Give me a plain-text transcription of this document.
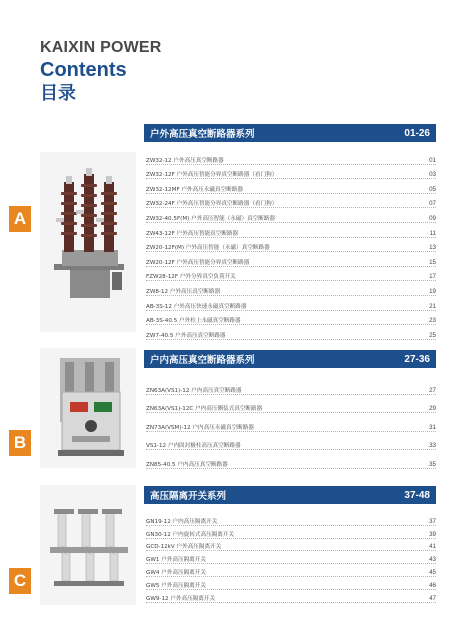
KAIXIN POWER
Contents
目录
A
户外高压真空断路器系列	01-26
ZW32-12 户外高压真空断路器	01
ZW32-12F 户外高压智能分界真空断路器（看门狗）	03
ZW32-12MF 户外高压永磁真空断路器	05
ZW32-24F 户外高压智能分界真空断路器（看门狗）	07
ZW32-40.5F(M) 户外高压智能（永磁）真空断路器	09
ZW43-12F 户外高压智能真空断路器	11
ZW20-12F(M) 户外高压智能（永磁）真空断路器	13
ZW20-12F 户外高压智能分界真空断路器	15
FZW28-12F 户外分界真空负荷开关	17
ZW8-12 户外高压真空断路器	19
AB-3S-12 户外高压快速永磁真空断路器	21
AB-3S-40.5 户外柱上永磁真空断路器	23
ZW7-40.5 户外高压真空断路器	25
B
户内高压真空断路器系列	27-36
ZN63A(VS1)-12 户内高压真空断路器	27
ZN63A(VS1)-12C 户内高压侧装式真空断路器	29
ZN73A(VSM)-12 户内高压永磁真空断路器	31
VS1-12 户内固封极柱高压真空断路器	33
ZN85-40.5 户内高压真空断路器	35
C
高压隔离开关系列	37-48
GN19-12 户内高压隔离开关	37
GN30-12 户内旋转式高压隔离开关	39
GCD-12kV 户外高压隔离开关	41
GW1 户外高压隔离开关	43
GW4 户外高压隔离开关	45
GW5 户外高压隔离开关	46
GW9-12 户外高压隔离开关	47
